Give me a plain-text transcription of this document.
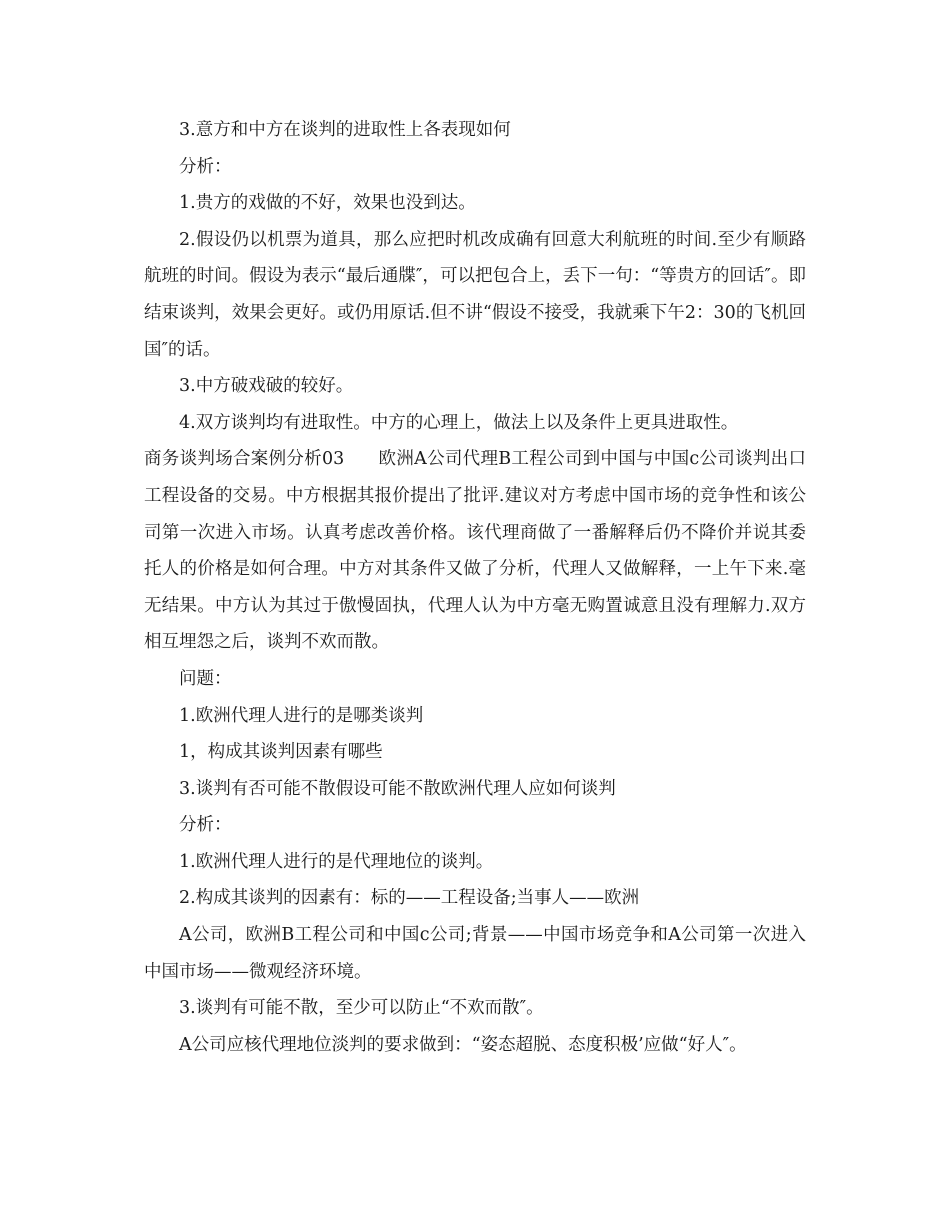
3.意方和中方在谈判的进取性上各表现如何

分析：

1.贵方的戏做的不好，效果也没到达。

2.假设仍以机票为道具，那么应把时机改成确有回意大利航班的时间.至少有顺路航班的时间。假设为表示“最后通牒″，可以把包合上，丢下一句：“等贵方的回话″。即结束谈判，效果会更好。或仍用原话.但不讲“假设不接受，我就乘下午2：30的飞机回国″的话。

3.中方破戏破的较好。

4.双方谈判均有进取性。中方的心理上，做法上以及条件上更具进取性。

商务谈判场合案例分析03 欧洲A公司代理B工程公司到中国与中国c公司谈判出口工程设备的交易。中方根据其报价提出了批评.建议对方考虑中国市场的竞争性和该公司第一次进入市场。认真考虑改善价格。该代理商做了一番解释后仍不降价并说其委托人的价格是如何合理。中方对其条件又做了分析，代理人又做解释，一上午下来.毫无结果。中方认为其过于傲慢固执，代理人认为中方毫无购置诚意且没有理解力.双方相互埋怨之后，谈判不欢而散。

问题：

1.欧洲代理人进行的是哪类谈判

1，构成其谈判因素有哪些

3.谈判有否可能不散假设可能不散欧洲代理人应如何谈判

分析：

1.欧洲代理人进行的是代理地位的谈判。

2.构成其谈判的因素有：标的——工程设备;当事人——欧洲

A公司，欧洲B工程公司和中国c公司;背景——中国市场竞争和A公司第一次进入中国市场——微观经济环境。

3.谈判有可能不散，至少可以防止“不欢而散″。

A公司应核代理地位淡判的要求做到：“姿态超脱、态度积极’应做“好人″。
